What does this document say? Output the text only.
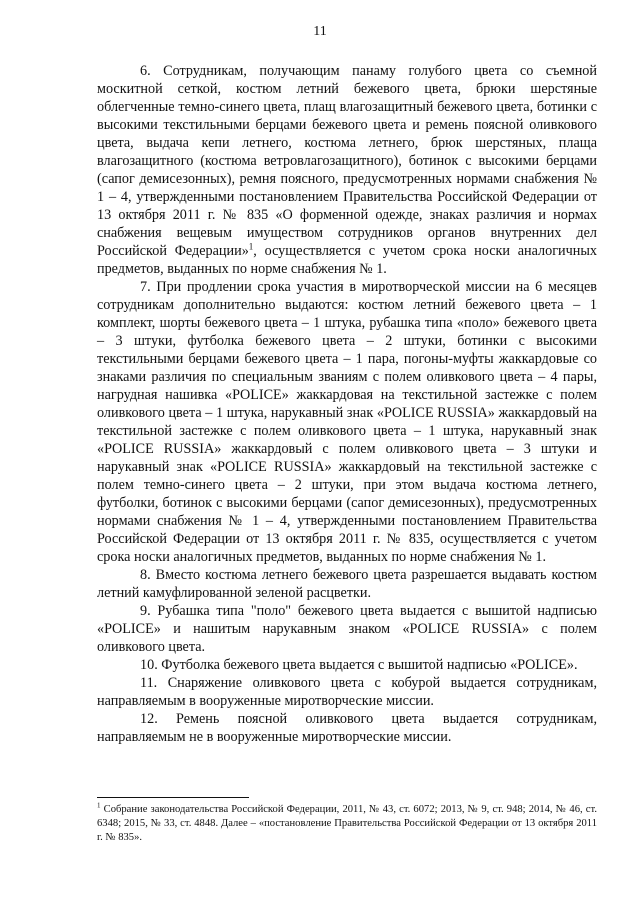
11

6. Сотрудникам, получающим панаму голубого цвета со съемной москитной сеткой, костюм летний бежевого цвета, брюки шерстяные облегченные темно-синего цвета, плащ влагозащитный бежевого цвета, ботинки с высокими текстильными берцами бежевого цвета и ремень поясной оливкового цвета, выдача кепи летнего, костюма летнего, брюк шерстяных, плаща влагозащитного (костюма ветровлагозащитного), ботинок с высокими берцами (сапог демисезонных), ремня поясного, предусмотренных нормами снабжения № 1 – 4, утвержденными постановлением Правительства Российской Федерации от 13 октября 2011 г. № 835 «О форменной одежде, знаках различия и нормах снабжения вещевым имуществом сотрудников органов внутренних дел Российской Федерации»$^1$, осуществляется с учетом срока носки аналогичных предметов, выданных по норме снабжения № 1.

7. При продлении срока участия в миротворческой миссии на 6 месяцев сотрудникам дополнительно выдаются: костюм летний бежевого цвета – 1 комплект, шорты бежевого цвета – 1 штука, рубашка типа «поло» бежевого цвета – 3 штуки, футболка бежевого цвета – 2 штуки, ботинки с высокими текстильными берцами бежевого цвета – 1 пара, погоны-муфты жаккардовые со знаками различия по специальным званиям с полем оливкового цвета – 4 пары, нагрудная нашивка «POLICE» жаккардовая на текстильной застежке с полем оливкового цвета – 1 штука, нарукавный знак «POLICE RUSSIA» жаккардовый на текстильной застежке с полем оливкового цвета – 1 штука, нарукавный знак «POLICE RUSSIA» жаккардовый с полем оливкового цвета – 3 штуки и нарукавный знак «POLICE RUSSIA» жаккардовый на текстильной застежке с полем темно-синего цвета – 2 штуки, при этом выдача костюма летнего, футболки, ботинок с высокими берцами (сапог демисезонных), предусмотренных нормами снабжения № 1 – 4, утвержденными постановлением Правительства Российской Федерации от 13 октября 2011 г. № 835, осуществляется с учетом срока носки аналогичных предметов, выданных по норме снабжения № 1.

8. Вместо костюма летнего бежевого цвета разрешается выдавать костюм летний камуфлированной зеленой расцветки.

9. Рубашка типа "поло" бежевого цвета выдается с вышитой надписью «POLICE» и нашитым нарукавным знаком «POLICE RUSSIA» с полем оливкового цвета.

10. Футболка бежевого цвета выдается с вышитой надписью «POLICE».

11. Снаряжение оливкового цвета с кобурой выдается сотрудникам, направляемым в вооруженные миротворческие миссии.

12. Ремень поясной оливкового цвета выдается сотрудникам, направляемым не в вооруженные миротворческие миссии.

$^1$ Собрание законодательства Российской Федерации, 2011, № 43, ст. 6072; 2013, № 9, ст. 948; 2014, № 46, ст. 6348; 2015, № 33, ст. 4848. Далее – «постановление Правительства Российской Федерации от 13 октября 2011 г. № 835».
